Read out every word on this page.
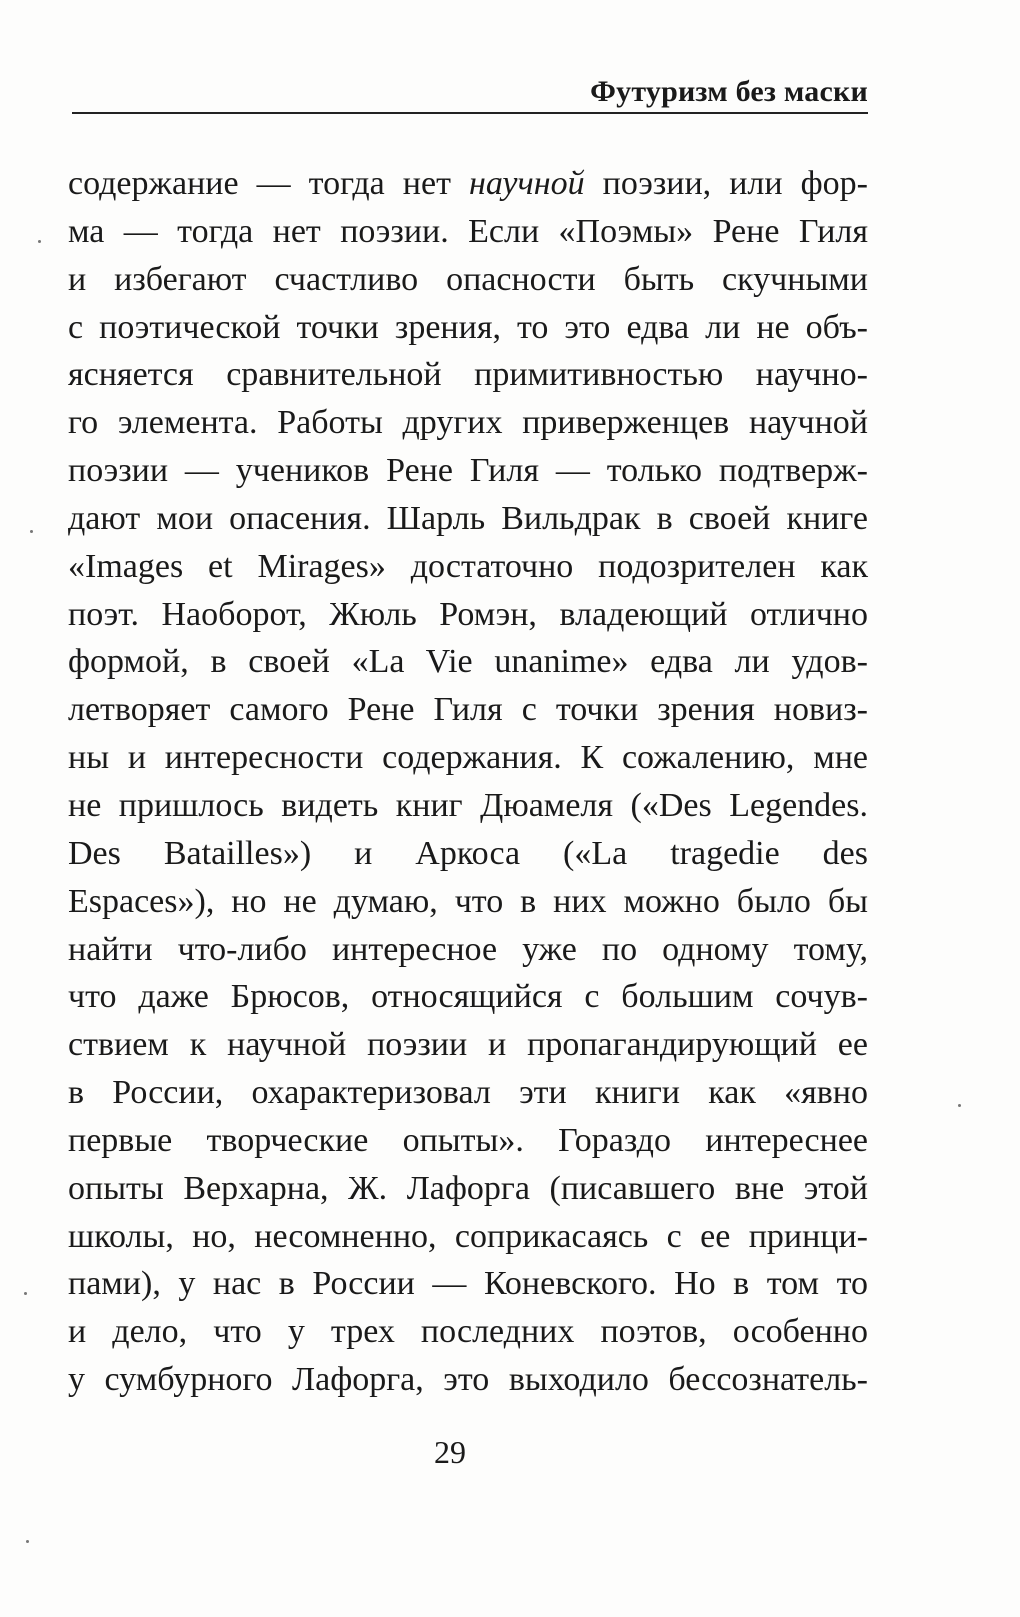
Футуризм без маски
содержание — тогда нет научной поэзии, или фор-
ма — тогда нет поэзии. Если «Поэмы» Рене Гиля
и избегают счастливо опасности быть скучными
с поэтической точки зрения, то это едва ли не объ-
ясняется сравнительной примитивностью научно-
го элемента. Работы других приверженцев научной
поэзии — учеников Рене Гиля — только подтверж-
дают мои опасения. Шарль Вильдрак в своей книге
«Images et Mirages» достаточно подозрителен как
поэт. Наоборот, Жюль Ромэн, владеющий отлично
формой, в своей «La Vie unanime» едва ли удов-
летворяет самого Рене Гиля с точки зрения новиз-
ны и интересности содержания. К сожалению, мне
не пришлось видеть книг Дюамеля («Des Legendes.
Des Batailles») и Аркоса («La tragedie des
Espaces»), но не думаю, что в них можно было бы
найти что-либо интересное уже по одному тому,
что даже Брюсов, относящийся с большим сочув-
ствием к научной поэзии и пропагандирующий ее
в России, охарактеризовал эти книги как «явно
первые творческие опыты». Гораздо интереснее
опыты Верхарна, Ж. Лафорга (писавшего вне этой
школы, но, несомненно, соприкасаясь с ее принци-
пами), у нас в России — Коневского. Но в том то
и дело, что у трех последних поэтов, особенно
у сумбурного Лафорга, это выходило бессознатель-
29
